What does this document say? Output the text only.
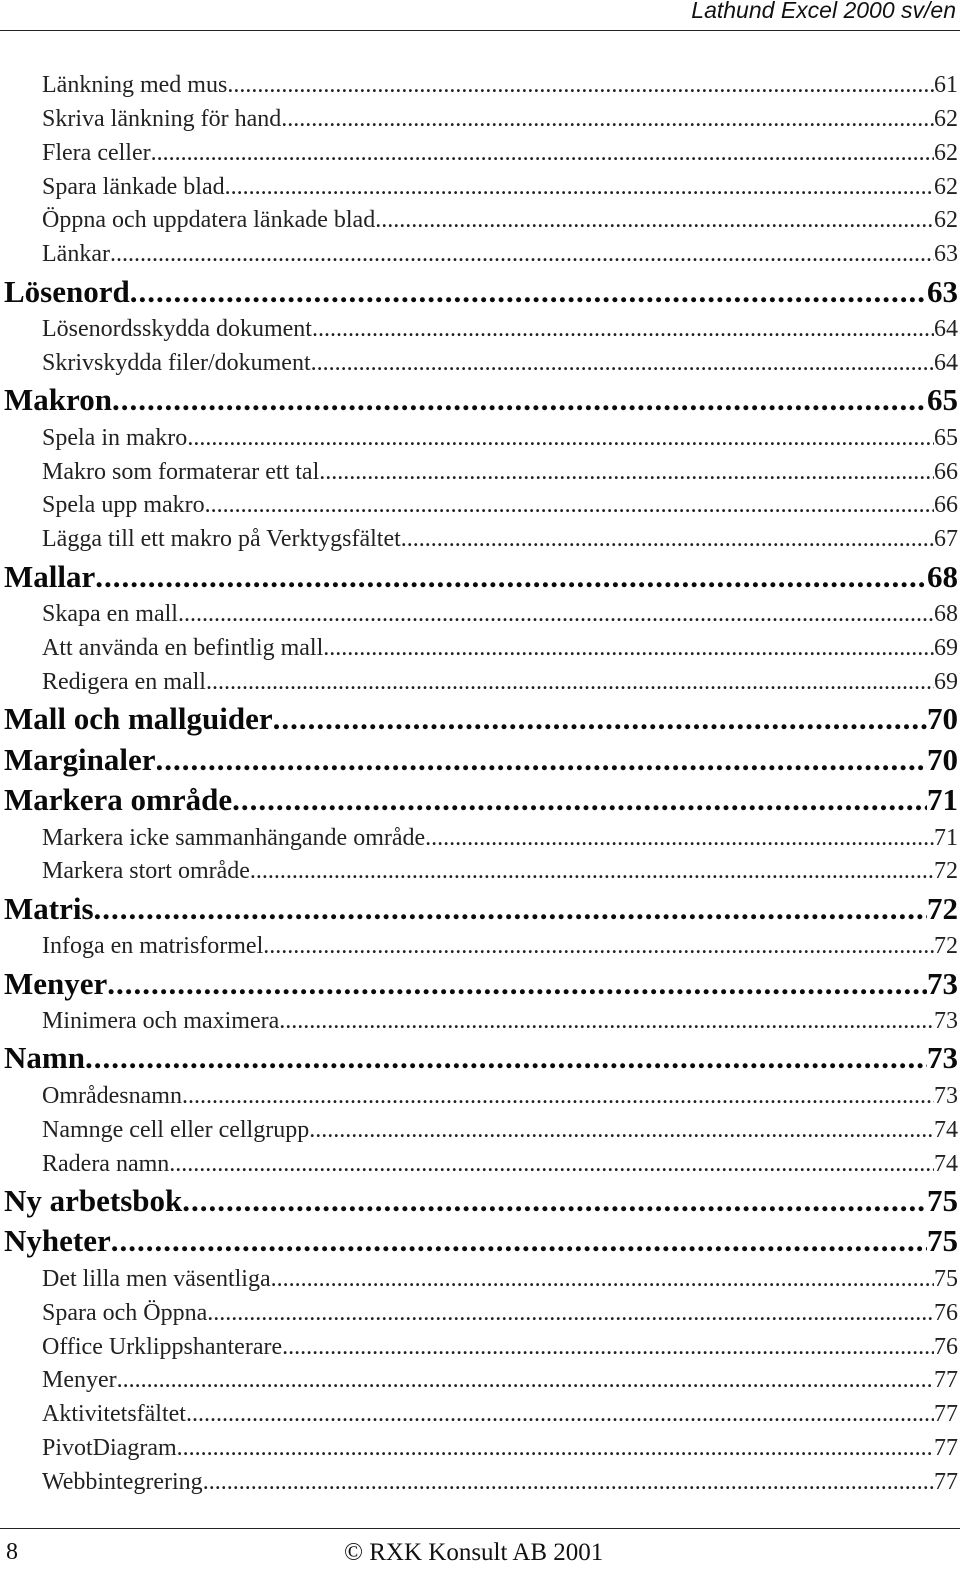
Lathund Excel 2000 sv/en
Länkning med mus .....	61
Skriva länkning för hand .....	62
Flera celler .....	62
Spara länkade blad .....	62
Öppna och uppdatera länkade blad .....	62
Länkar .....	63
Lösenord .....	63
Lösenordsskydda dokument .....	64
Skrivskydda filer/dokument .....	64
Makron .....	65
Spela in makro .....	65
Makro som formaterar ett tal .....	66
Spela upp makro .....	66
Lägga till ett makro på Verktygsfältet .....	67
Mallar .....	68
Skapa en mall .....	68
Att använda en befintlig mall .....	69
Redigera en mall .....	69
Mall och mallguider .....	70
Marginaler .....	70
Markera område .....	71
Markera icke sammanhängande område .....	71
Markera stort område .....	72
Matris .....	72
Infoga en matrisformel .....	72
Menyer .....	73
Minimera och maximera .....	73
Namn .....	73
Områdesnamn .....	73
Namnge cell eller cellgrupp .....	74
Radera namn .....	74
Ny arbetsbok .....	75
Nyheter .....	75
Det lilla men väsentliga .....	75
Spara och Öppna .....	76
Office Urklippshanterare .....	76
Menyer .....	77
Aktivitetsfältet .....	77
PivotDiagram .....	77
Webbintegrering .....	77
8	© RXK Konsult AB 2001
